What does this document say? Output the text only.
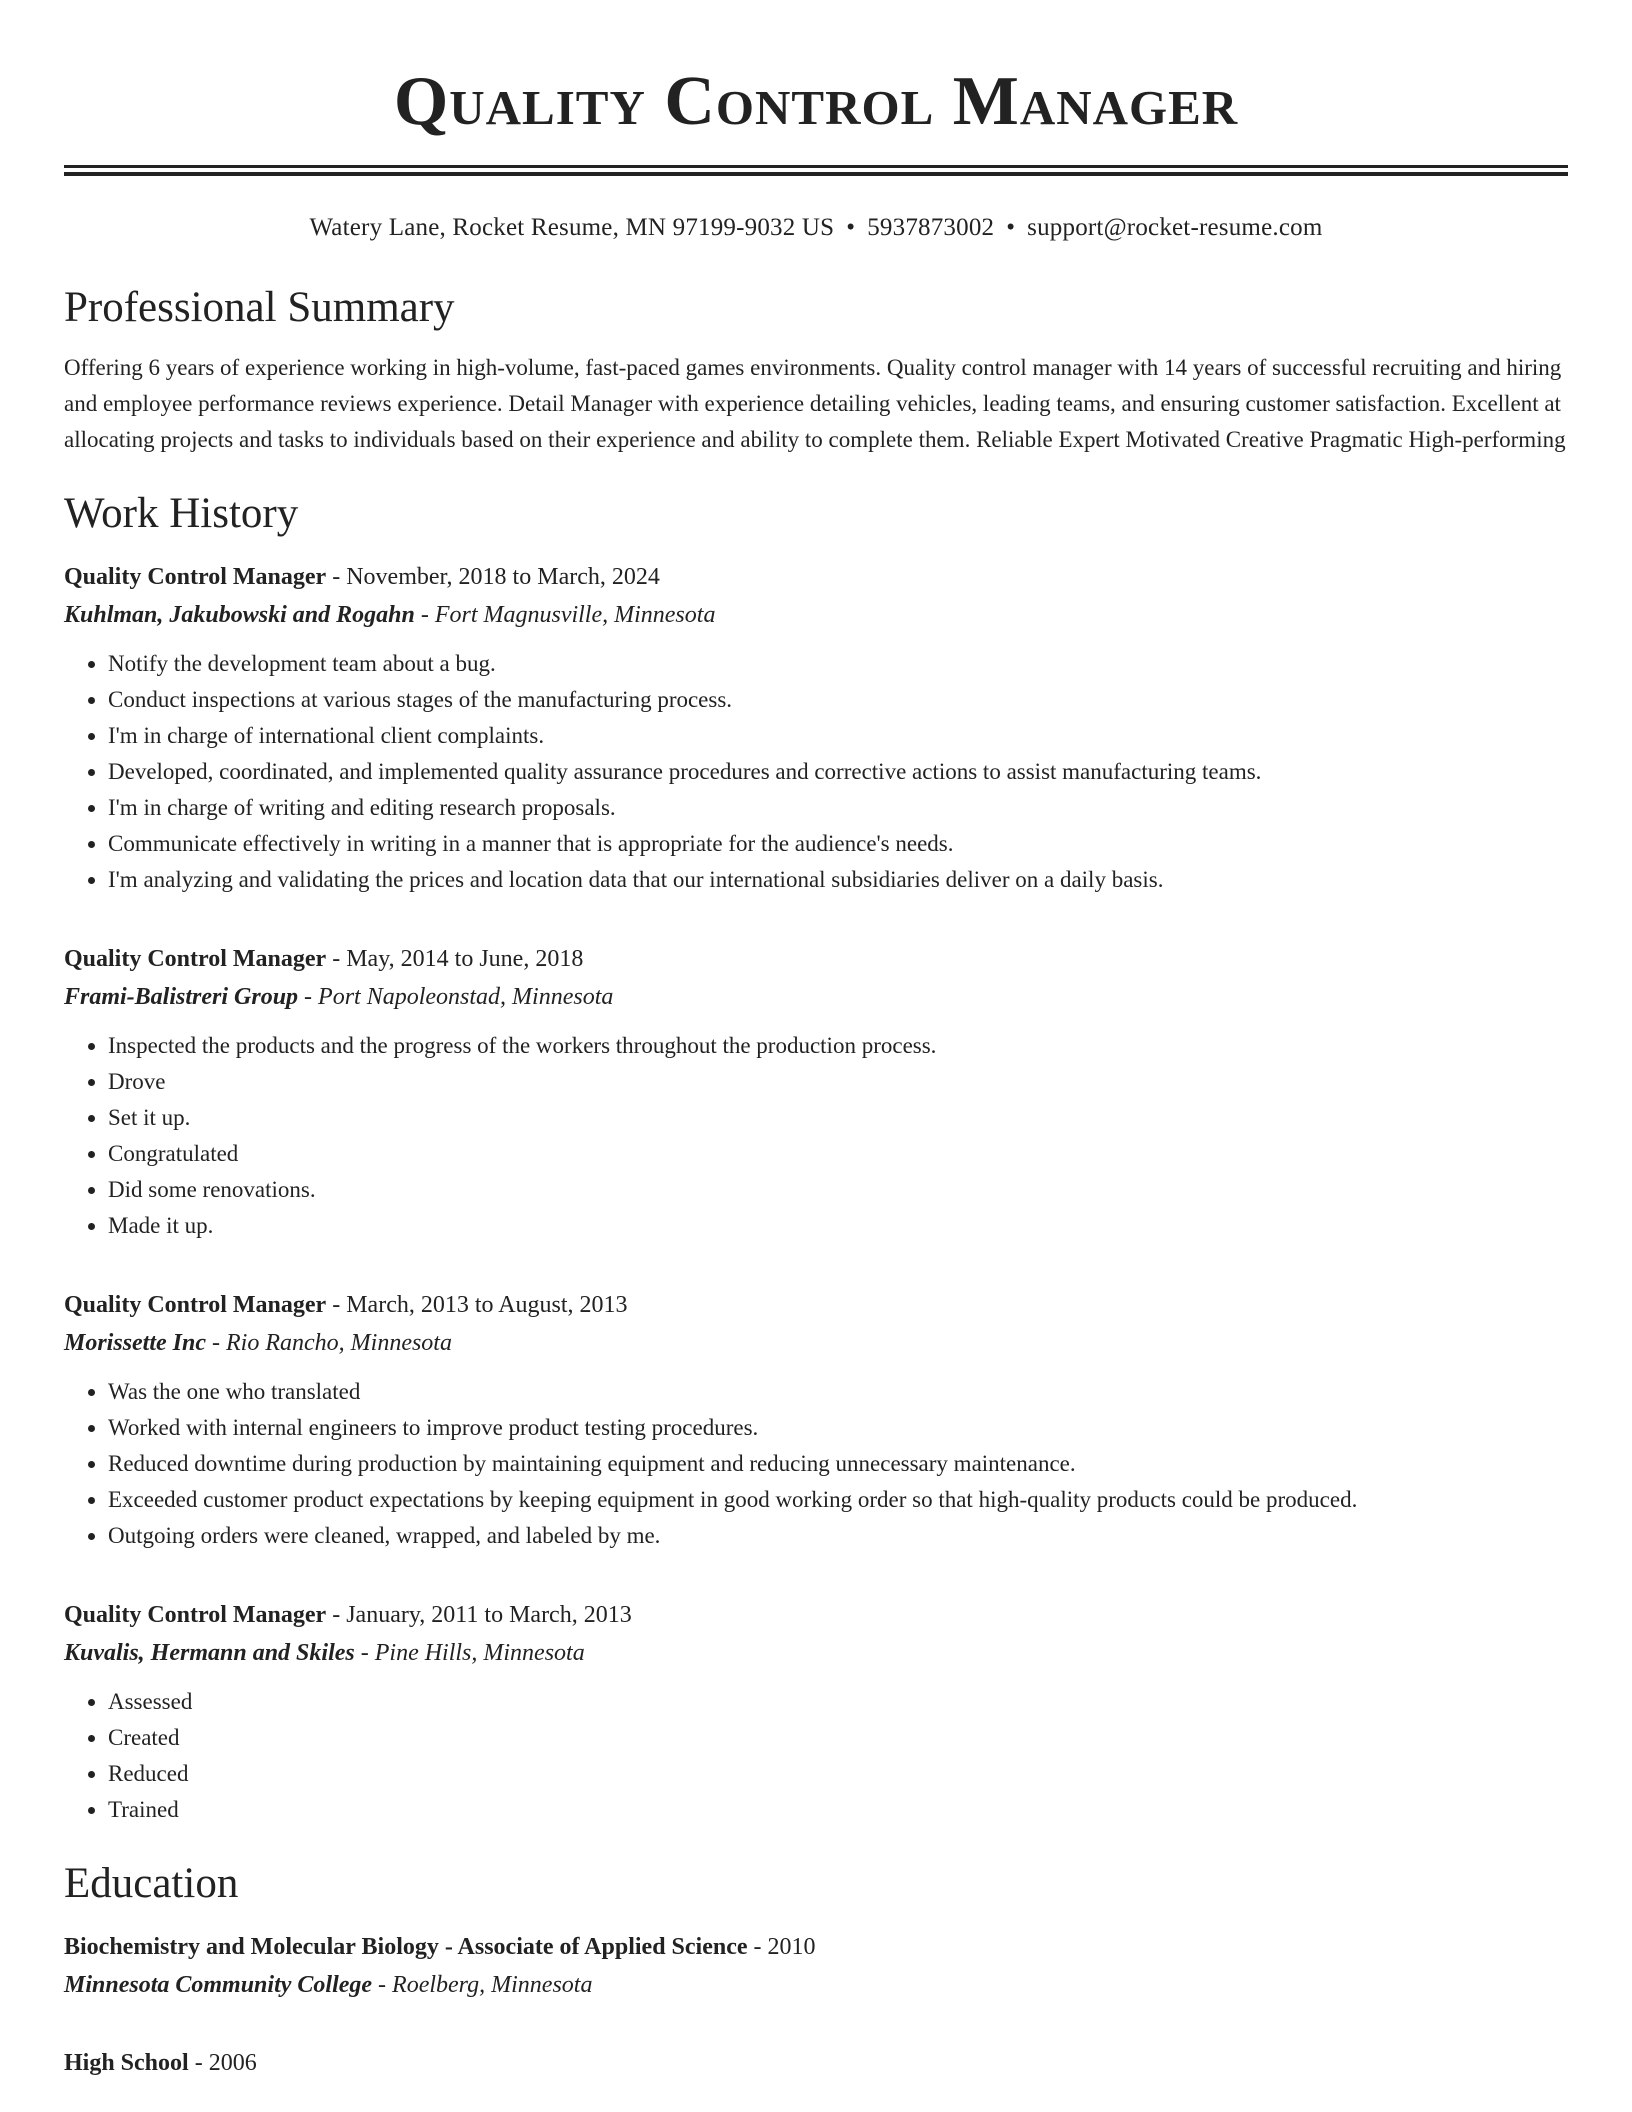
Quality Control Manager
Watery Lane, Rocket Resume, MN 97199-9032 US • 5937873002 • support@rocket-resume.com
Professional Summary

Offering 6 years of experience working in high-volume, fast-paced games environments. Quality control manager with 14 years of successful recruiting and hiring and employee performance reviews experience. Detail Manager with experience detailing vehicles, leading teams, and ensuring customer satisfaction. Excellent at allocating projects and tasks to individuals based on their experience and ability to complete them. Reliable Expert Motivated Creative Pragmatic High-performing

Work History
Quality Control Manager - November, 2018 to March, 2024
Kuhlman, Jakubowski and Rogahn - Fort Magnusville, Minnesota
• Notify the development team about a bug.
• Conduct inspections at various stages of the manufacturing process.
• I'm in charge of international client complaints.
• Developed, coordinated, and implemented quality assurance procedures and corrective actions to assist manufacturing teams.
• I'm in charge of writing and editing research proposals.
• Communicate effectively in writing in a manner that is appropriate for the audience's needs.
• I'm analyzing and validating the prices and location data that our international subsidiaries deliver on a daily basis.
Quality Control Manager - May, 2014 to June, 2018
Frami-Balistreri Group - Port Napoleonstad, Minnesota
• Inspected the products and the progress of the workers throughout the production process.
• Drove
• Set it up.
• Congratulated
• Did some renovations.
• Made it up.
Quality Control Manager - March, 2013 to August, 2013
Morissette Inc - Rio Rancho, Minnesota
• Was the one who translated
• Worked with internal engineers to improve product testing procedures.
• Reduced downtime during production by maintaining equipment and reducing unnecessary maintenance.
• Exceeded customer product expectations by keeping equipment in good working order so that high-quality products could be produced.
• Outgoing orders were cleaned, wrapped, and labeled by me.
Quality Control Manager - January, 2011 to March, 2013
Kuvalis, Hermann and Skiles - Pine Hills, Minnesota
• Assessed
• Created
• Reduced
• Trained
Education
Biochemistry and Molecular Biology - Associate of Applied Science - 2010
Minnesota Community College - Roelberg, Minnesota
High School - 2006
